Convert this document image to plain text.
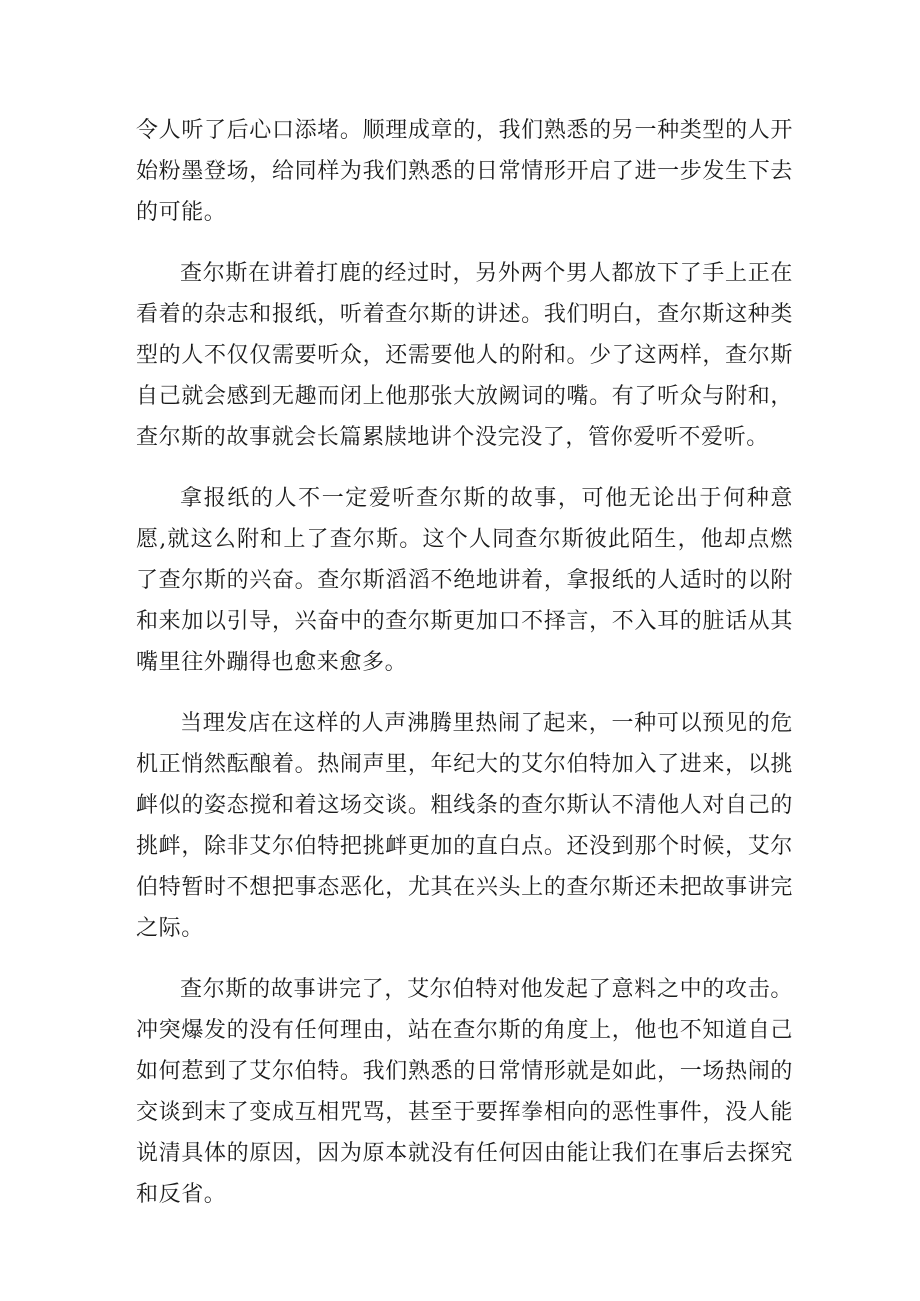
令人听了后心口添堵。顺理成章的，我们熟悉的另一种类型的人开始粉墨登场，给同样为我们熟悉的日常情形开启了进一步发生下去的可能。

查尔斯在讲着打鹿的经过时，另外两个男人都放下了手上正在看着的杂志和报纸，听着查尔斯的讲述。我们明白，查尔斯这种类型的人不仅仅需要听众，还需要他人的附和。少了这两样，查尔斯自己就会感到无趣而闭上他那张大放阙词的嘴。有了听众与附和，查尔斯的故事就会长篇累牍地讲个没完没了，管你爱听不爱听。

拿报纸的人不一定爱听查尔斯的故事，可他无论出于何种意愿,就这么附和上了查尔斯。这个人同查尔斯彼此陌生，他却点燃了查尔斯的兴奋。查尔斯滔滔不绝地讲着，拿报纸的人适时的以附和来加以引导，兴奋中的查尔斯更加口不择言，不入耳的脏话从其嘴里往外蹦得也愈来愈多。

当理发店在这样的人声沸腾里热闹了起来，一种可以预见的危机正悄然酝酿着。热闹声里，年纪大的艾尔伯特加入了进来，以挑衅似的姿态搅和着这场交谈。粗线条的查尔斯认不清他人对自己的挑衅，除非艾尔伯特把挑衅更加的直白点。还没到那个时候，艾尔伯特暂时不想把事态恶化，尤其在兴头上的查尔斯还未把故事讲完之际。

查尔斯的故事讲完了，艾尔伯特对他发起了意料之中的攻击。冲突爆发的没有任何理由，站在查尔斯的角度上，他也不知道自己如何惹到了艾尔伯特。我们熟悉的日常情形就是如此，一场热闹的交谈到末了变成互相咒骂，甚至于要挥拳相向的恶性事件，没人能说清具体的原因，因为原本就没有任何因由能让我们在事后去探究和反省。
